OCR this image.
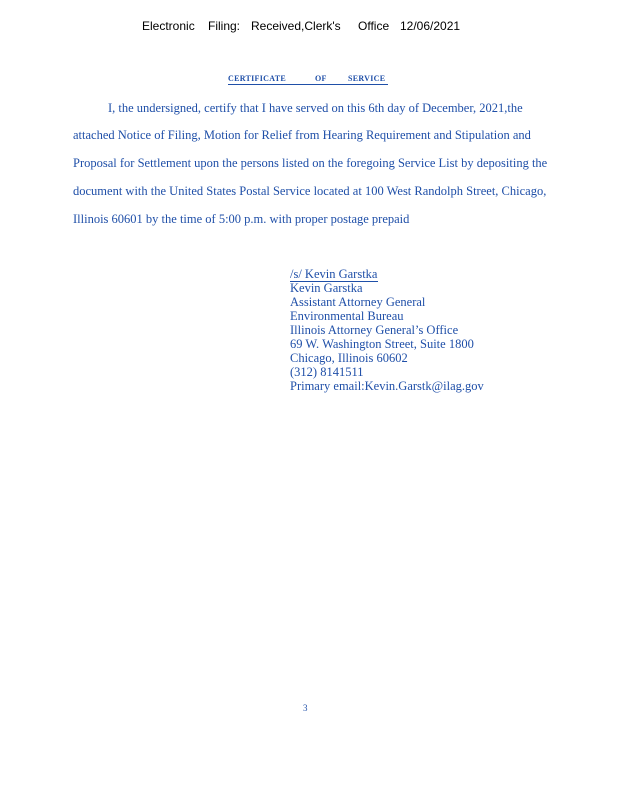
Electronic Filing: Received,Clerk's Office 12/06/2021
CERTIFICATE	OF	SERVICE

I, the undersigned, certify that I have served on this 6th day of December, 2021,the
attached Notice of Filing, Motion for Relief from Hearing Requirement and Stipulation and
Proposal for Settlement upon the persons listed on the foregoing Service List by depositing the
document with the United States Postal Service located at 100 West Randolph Street, Chicago,
Illinois 60601 by the time of 5:00 p.m. with proper postage prepaid
/s/ Kevin Garstka
Kevin Garstka
Assistant Attorney General
Environmental Bureau
Illinois Attorney General’s Office
69 W. Washington Street, Suite 1800
Chicago, Illinois 60602
(312) 8141511
Primary email:Kevin.Garstk@ilag.gov
3
